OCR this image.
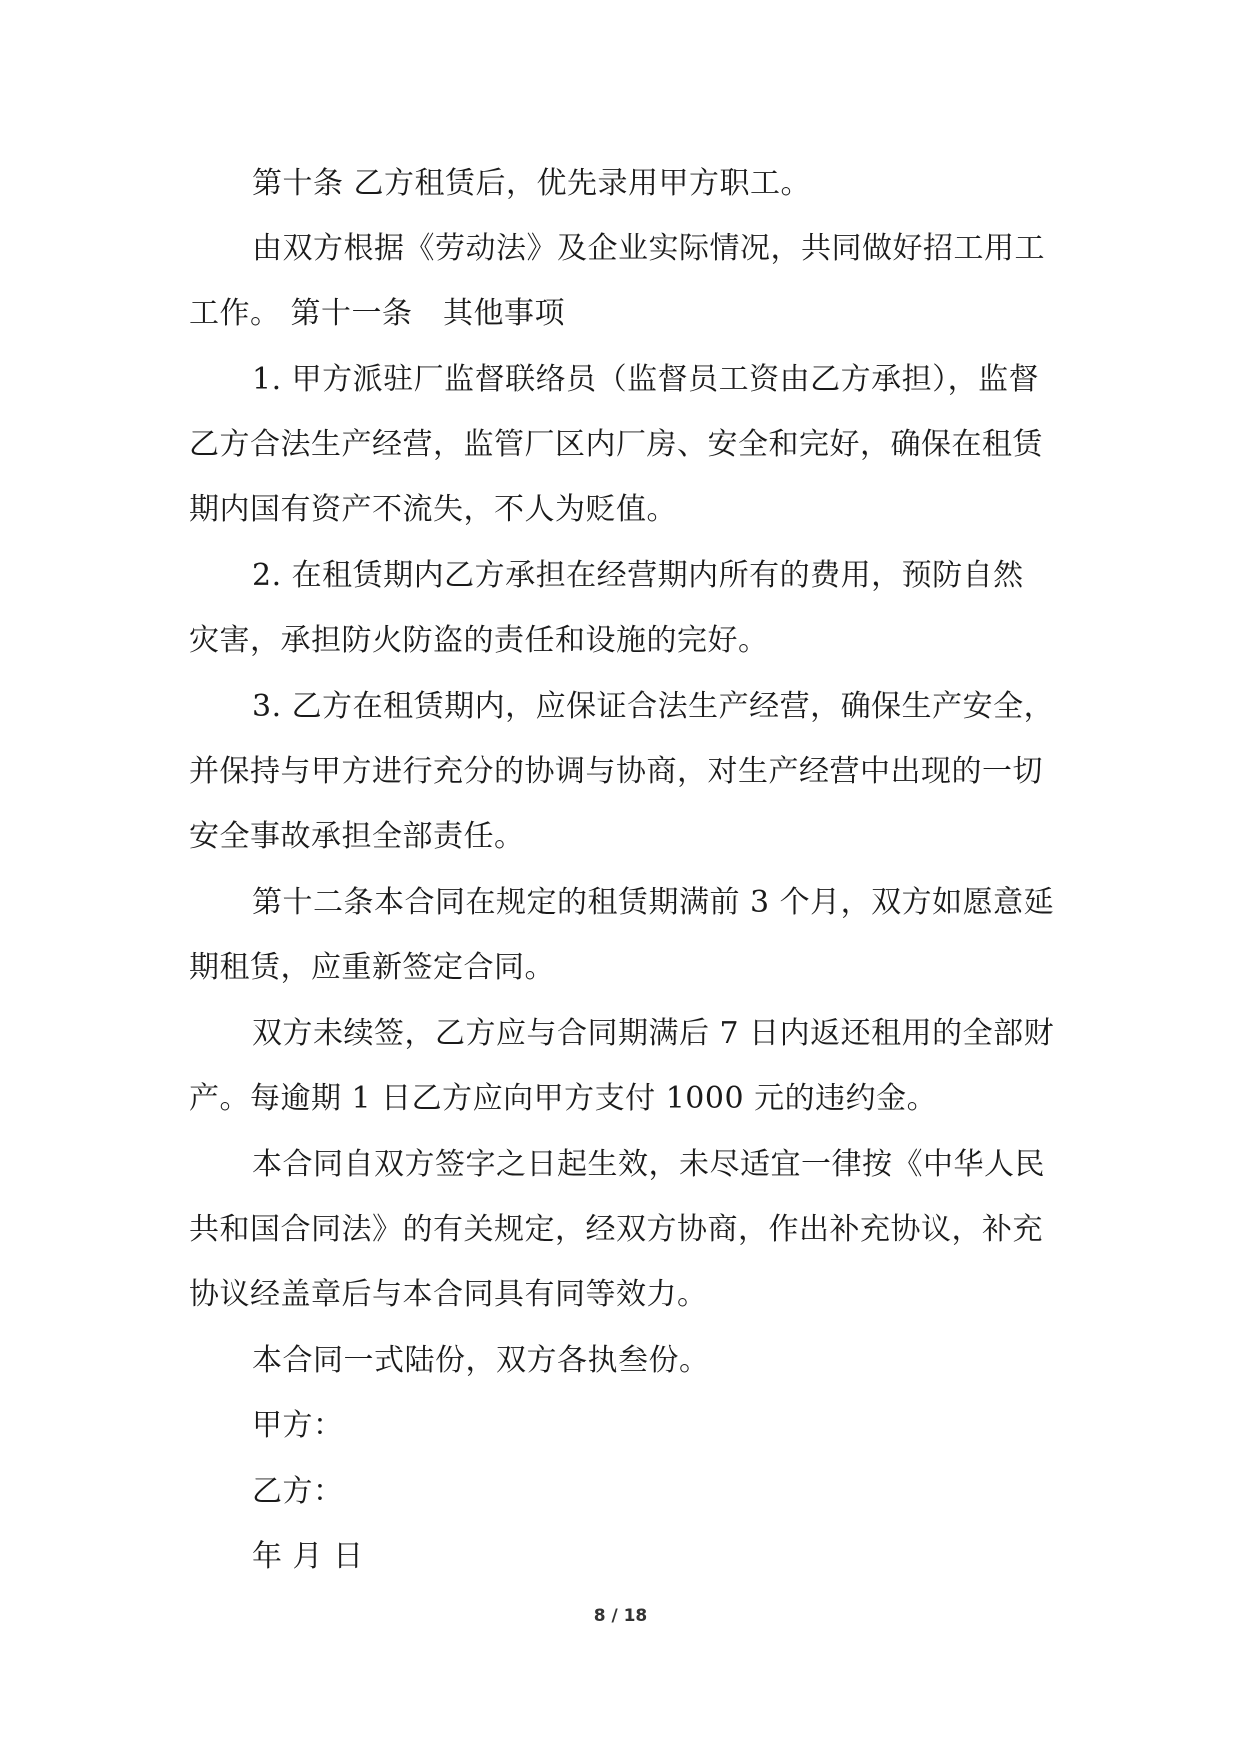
第十条 乙方租赁后，优先录用甲方职工。
由双方根据《劳动法》及企业实际情况，共同做好招工用工
工作。 第十一条　其他事项
1. 甲方派驻厂监督联络员（监督员工资由乙方承担），监督
乙方合法生产经营，监管厂区内厂房、安全和完好，确保在租赁
期内国有资产不流失，不人为贬值。
2. 在租赁期内乙方承担在经营期内所有的费用，预防自然
灾害，承担防火防盗的责任和设施的完好。
3. 乙方在租赁期内，应保证合法生产经营，确保生产安全，
并保持与甲方进行充分的协调与协商，对生产经营中出现的一切
安全事故承担全部责任。
第十二条本合同在规定的租赁期满前 3 个月，双方如愿意延
期租赁，应重新签定合同。
双方未续签，乙方应与合同期满后 7 日内返还租用的全部财
产。每逾期 1 日乙方应向甲方支付 1000 元的违约金。
本合同自双方签字之日起生效，未尽适宜一律按《中华人民
共和国合同法》的有关规定，经双方协商，作出补充协议，补充
协议经盖章后与本合同具有同等效力。
本合同一式陆份，双方各执叁份。
甲方：
乙方：
年 月 日
8 / 18
